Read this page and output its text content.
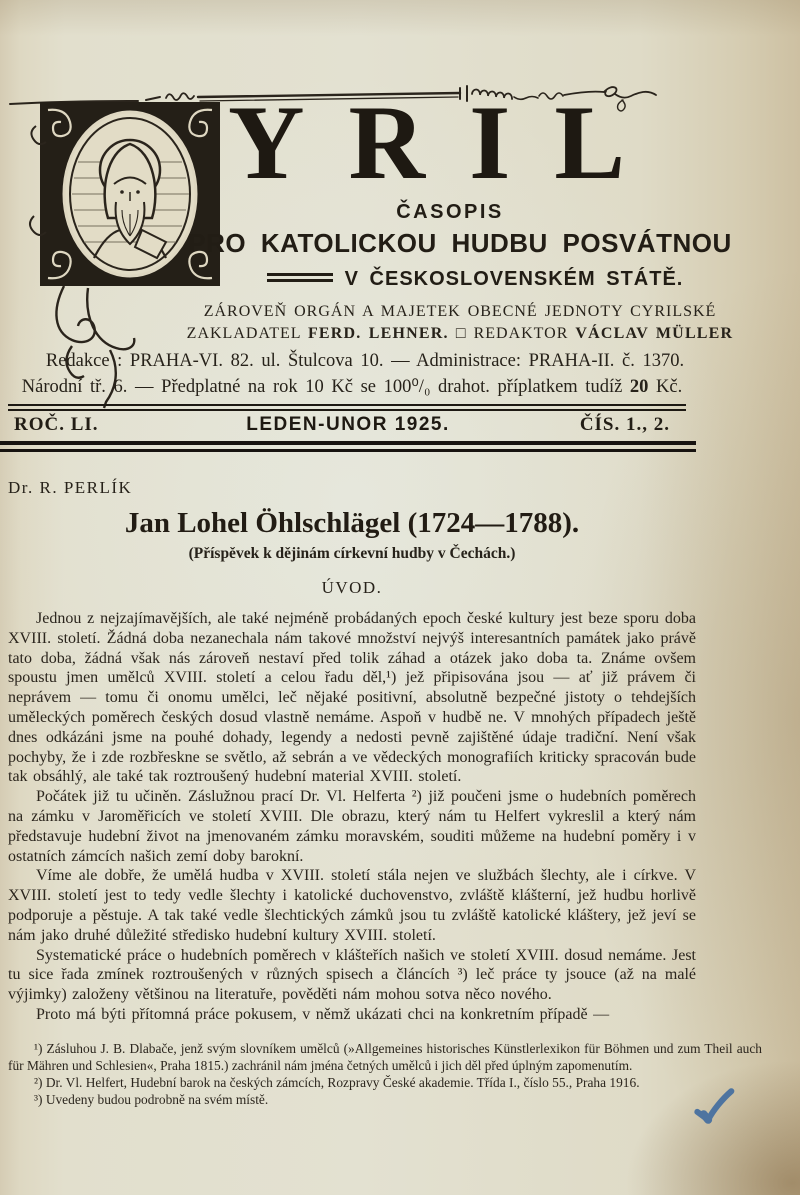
YRIL
ČASOPIS
PRO KATOLICKOU HUDBU POSVÁTNOU
V ČESKOSLOVENSKÉM STÁTĚ.
ZÁROVEŇ ORGÁN A MAJETEK OBECNÉ JEDNOTY CYRILSKÉ
ZAKLADATEL FERD. LEHNER. □ REDAKTOR VÁCLAV MÜLLER
Redakce : PRAHA-VI. 82. ul. Štulcova 10. — Administrace: PRAHA-II. č. 1370.
Národní tř. 6. — Předplatné na rok 10 Kč se 100⁰/₀ drahot. příplatkem tudíž 20 Kč.
ROČ. LI.	LEDEN-UNOR 1925.	ČÍS. 1., 2.
Dr. R. PERLÍK
Jan Lohel Öhlschlägel (1724—1788).
(Příspěvek k dějinám církevní hudby v Čechách.)
ÚVOD.

Jednou z nejzajímavějších, ale také nejméně probádaných epoch české kultury jest beze sporu doba XVIII. století. Žádná doba nezanechala nám takové množství nejvýš interesantních památek jako právě tato doba, žádná však nás zároveň nestaví před tolik záhad a otázek jako doba ta. Známe ovšem spoustu jmen umělců XVIII. století a celou řadu děl,¹) jež připisována jsou — ať již právem či neprávem — tomu či onomu umělci, leč nějaké positivní, absolutně bezpečné jistoty o tehdejších uměleckých poměrech českých dosud vlastně nemáme. Aspoň v hudbě ne. V mnohých případech ještě dnes odkázáni jsme na pouhé dohady, legendy a nedosti pevně zajištěné údaje tradiční. Není však pochyby, že i zde rozbřeskne se světlo, až sebrán a ve vědeckých monografiích kriticky spracován bude tak obsáhlý, ale také tak roztroušený hudební material XVIII. století.

Počátek již tu učiněn. Záslužnou prací Dr. Vl. Helferta ²) již poučeni jsme o hudebních poměrech na zámku v Jaroměřicích ve století XVIII. Dle obrazu, který nám tu Helfert vykreslil a který nám představuje hudební život na jmenovaném zámku moravském, souditi můžeme na hudební poměry i v ostatních zámcích našich zemí doby barokní.

Víme ale dobře, že umělá hudba v XVIII. století stála nejen ve službách šlechty, ale i církve. V XVIII. století jest to tedy vedle šlechty i katolické duchovenstvo, zvláště klášterní, jež hudbu horlivě podporuje a pěstuje. A tak také vedle šlechtických zámků jsou tu zvláště katolické kláštery, jež jeví se nám jako druhé důležité středisko hudební kultury XVIII. století.

Systematické práce o hudebních poměrech v klášteřích našich ve století XVIII. dosud nemáme. Jest tu sice řada zmínek roztroušených v různých spisech a článcích ³) leč práce ty jsouce (až na malé výjimky) založeny většinou na literatuře, pověděti nám mohou sotva něco nového.

Proto má býti přítomná práce pokusem, v němž ukázati chci na konkretním případě —

¹) Zásluhou J. B. Dlabače, jenž svým slovníkem umělců (»Allgemeines historisches Künstlerlexikon für Böhmen und zum Theil auch für Mähren und Schlesien«, Praha 1815.) zachránil nám jména četných umělců i jich děl před úplným zapomenutím.

²) Dr. Vl. Helfert, Hudební barok na českých zámcích, Rozpravy České akademie. Třída I., číslo 55., Praha 1916.

³) Uvedeny budou podrobně na svém místě.
